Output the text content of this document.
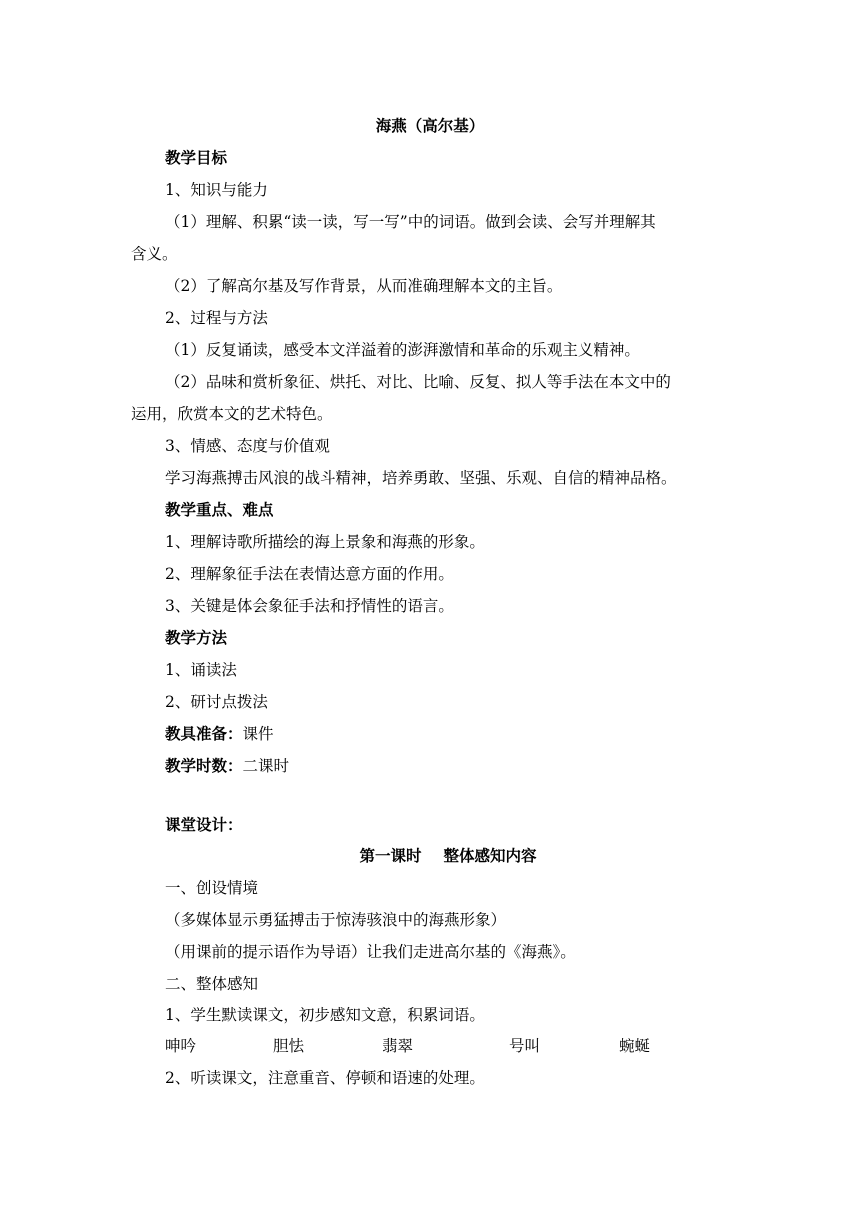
海燕（高尔基）
教学目标
1、知识与能力
（1）理解、积累“读一读，写一写”中的词语。做到会读、会写并理解其
含义。
（2）了解高尔基及写作背景，从而准确理解本文的主旨。
2、过程与方法
（1）反复诵读，感受本文洋溢着的澎湃激情和革命的乐观主义精神。
（2）品味和赏析象征、烘托、对比、比喻、反复、拟人等手法在本文中的
运用，欣赏本文的艺术特色。
3、情感、态度与价值观
学习海燕搏击风浪的战斗精神，培养勇敢、坚强、乐观、自信的精神品格。
教学重点、难点
1、理解诗歌所描绘的海上景象和海燕的形象。
2、理解象征手法在表情达意方面的作用。
3、关键是体会象征手法和抒情性的语言。
教学方法
1、诵读法
2、研讨点拨法
教具准备：课件
教学时数：二课时
课堂设计：
第一课时 整体感知内容
一、创设情境
（多媒体显示勇猛搏击于惊涛骇浪中的海燕形象）
（用课前的提示语作为导语）让我们走进高尔基的《海燕》。
二、整体感知
1、学生默读课文，初步感知文意，积累词语。
呻吟	胆怯	翡翠	号叫	蜿蜒
2、听读课文，注意重音、停顿和语速的处理。
